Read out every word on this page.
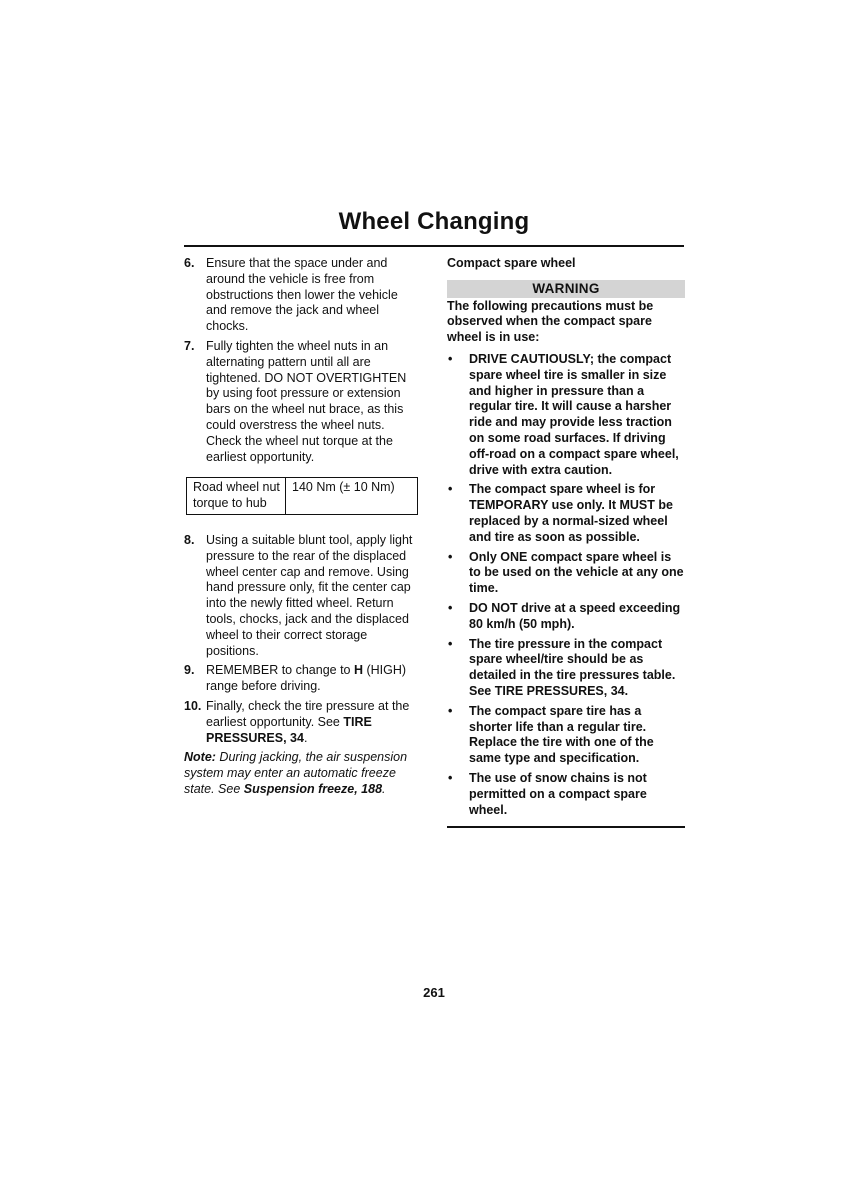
Wheel Changing
6. Ensure that the space under and around the vehicle is free from obstructions then lower the vehicle and remove the jack and wheel chocks.
7. Fully tighten the wheel nuts in an alternating pattern until all are tightened. DO NOT OVERTIGHTEN by using foot pressure or extension bars on the wheel nut brace, as this could overstress the wheel nuts. Check the wheel nut torque at the earliest opportunity.
Road wheel nut torque to hub	140 Nm (± 10 Nm)
8. Using a suitable blunt tool, apply light pressure to the rear of the displaced wheel center cap and remove. Using hand pressure only, fit the center cap into the newly fitted wheel. Return tools, chocks, jack and the displaced wheel to their correct storage positions.
9. REMEMBER to change to H (HIGH) range before driving.
10. Finally, check the tire pressure at the earliest opportunity. See TIRE PRESSURES, 34.
Note: During jacking, the air suspension system may enter an automatic freeze state. See Suspension freeze, 188.
Compact spare wheel
WARNING
The following precautions must be observed when the compact spare wheel is in use:
•	DRIVE CAUTIOUSLY; the compact spare wheel tire is smaller in size and higher in pressure than a regular tire. It will cause a harsher ride and may provide less traction on some road surfaces. If driving off-road on a compact spare wheel, drive with extra caution.
•	The compact spare wheel is for TEMPORARY use only. It MUST be replaced by a normal-sized wheel and tire as soon as possible.
•	Only ONE compact spare wheel is to be used on the vehicle at any one time.
•	DO NOT drive at a speed exceeding 80 km/h (50 mph).
•	The tire pressure in the compact spare wheel/tire should be as detailed in the tire pressures table. See TIRE PRESSURES, 34.
•	The compact spare tire has a shorter life than a regular tire. Replace the tire with one of the same type and specification.
•	The use of snow chains is not permitted on a compact spare wheel.
261
